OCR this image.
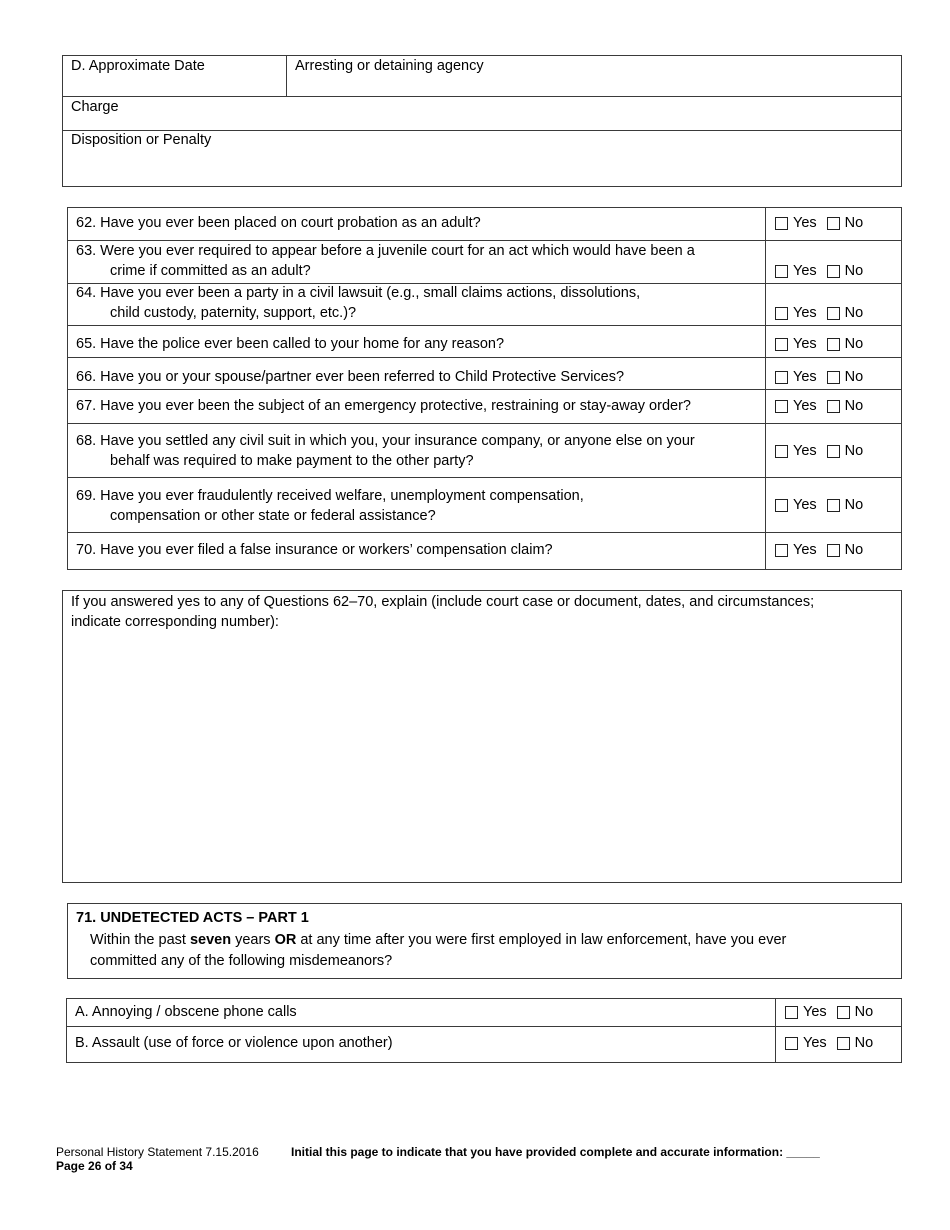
D. Approximate Date	Arresting or detaining agency
Charge
Disposition or Penalty
62. Have you ever been placed on court probation as an adult?	Yes No
63. Were you ever required to appear before a juvenile court for an act which would have been a
crime if committed as an adult?	Yes No
64. Have you ever been a party in a civil lawsuit (e.g., small claims actions, dissolutions,
child custody, paternity, support, etc.)?	Yes No
65. Have the police ever been called to your home for any reason?	Yes No
66. Have you or your spouse/partner ever been referred to Child Protective Services?	Yes No
67. Have you ever been the subject of an emergency protective, restraining or stay-away order?	Yes No
68. Have you settled any civil suit in which you, your insurance company, or anyone else on your
behalf was required to make payment to the other party?
Yes No
69. Have you ever fraudulently received welfare, unemployment compensation,
compensation or other state or federal assistance?
Yes No
70. Have you ever filed a false insurance or workers’ compensation claim?	Yes No
If you answered yes to any of Questions 62–70, explain (include court case or document, dates, and circumstances;
indicate corresponding number):
71. UNDETECTED ACTS – PART 1
Within the past seven years OR at any time after you were first employed in law enforcement, have you ever
committed any of the following misdemeanors?
A. Annoying / obscene phone calls	Yes No
B. Assault (use of force or violence upon another)	Yes No
Personal History Statement 7.15.2016	Initial this page to indicate that you have provided complete and accurate information: _____
Page 26 of 34
